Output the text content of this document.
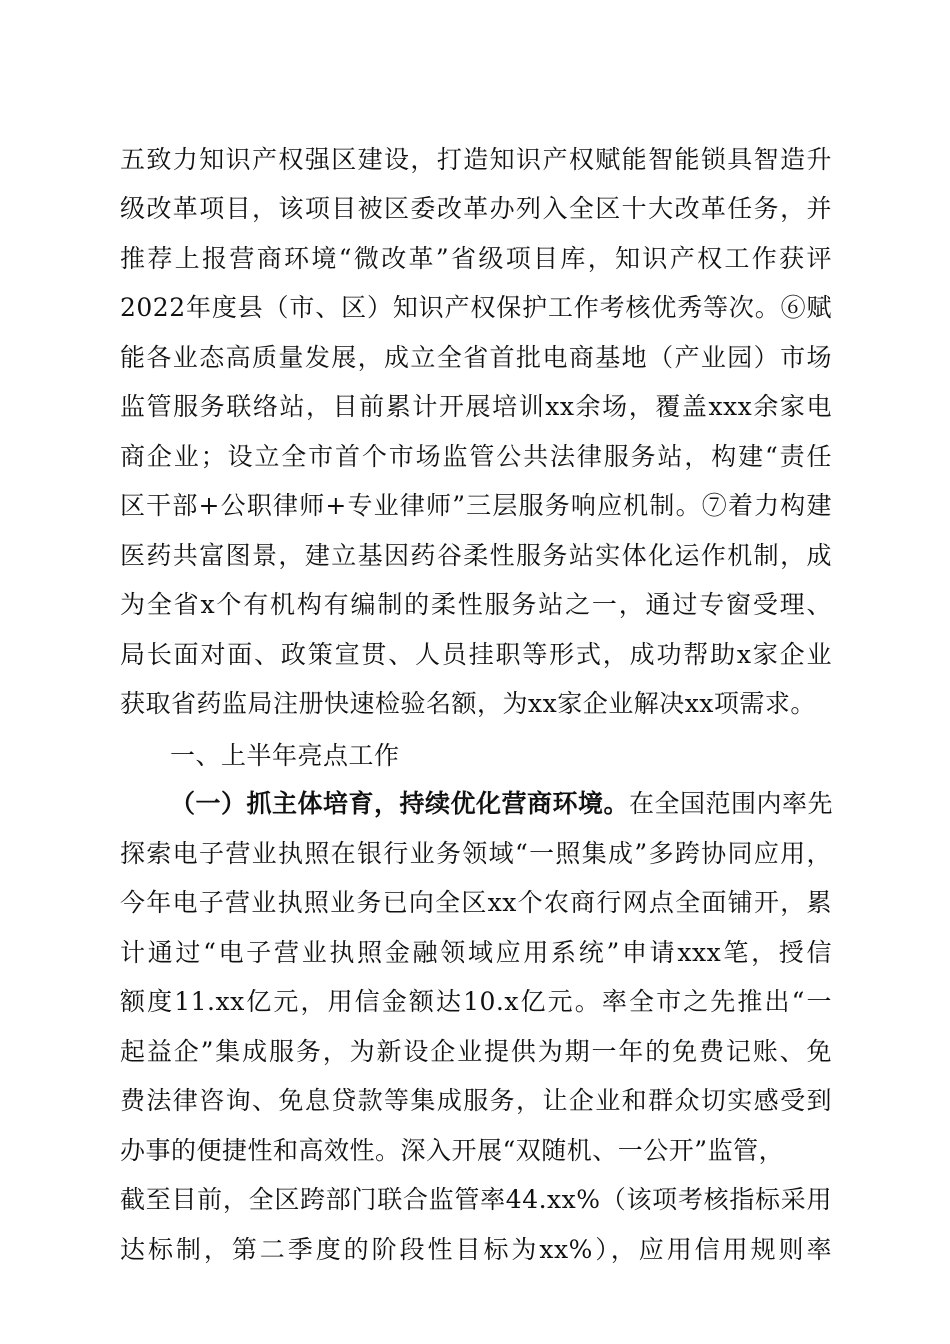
五致力知识产权强区建设，打造知识产权赋能智能锁具智造升
级改革项目，该项目被区委改革办列入全区十大改革任务，并
推荐上报营商环境“微改革”省级项目库，知识产权工作获评
2022年度县（市、区）知识产权保护工作考核优秀等次。⑥赋
能各业态高质量发展，成立全省首批电商基地（产业园）市场
监管服务联络站，目前累计开展培训xx余场，覆盖xxx余家电
商企业；设立全市首个市场监管公共法律服务站，构建“责任
区干部+公职律师+专业律师”三层服务响应机制。⑦着力构建
医药共富图景，建立基因药谷柔性服务站实体化运作机制，成
为全省x个有机构有编制的柔性服务站之一，通过专窗受理、
局长面对面、政策宣贯、人员挂职等形式，成功帮助x家企业
获取省药监局注册快速检验名额，为xx家企业解决xx项需求。
一、上半年亮点工作
（一）抓主体培育，持续优化营商环境。在全国范围内率先
探索电子营业执照在银行业务领域“一照集成”多跨协同应用，
今年电子营业执照业务已向全区xx个农商行网点全面铺开，累
计通过“电子营业执照金融领域应用系统”申请xxx笔，授信
额度11.xx亿元，用信金额达10.x亿元。率全市之先推出“一
起益企”集成服务，为新设企业提供为期一年的免费记账、免
费法律咨询、免息贷款等集成服务，让企业和群众切实感受到
办事的便捷性和高效性。深入开展“双随机、一公开”监管，
截至目前，全区跨部门联合监管率44.xx%（该项考核指标采用
达标制，第二季度的阶段性目标为xx%），应用信用规则率
